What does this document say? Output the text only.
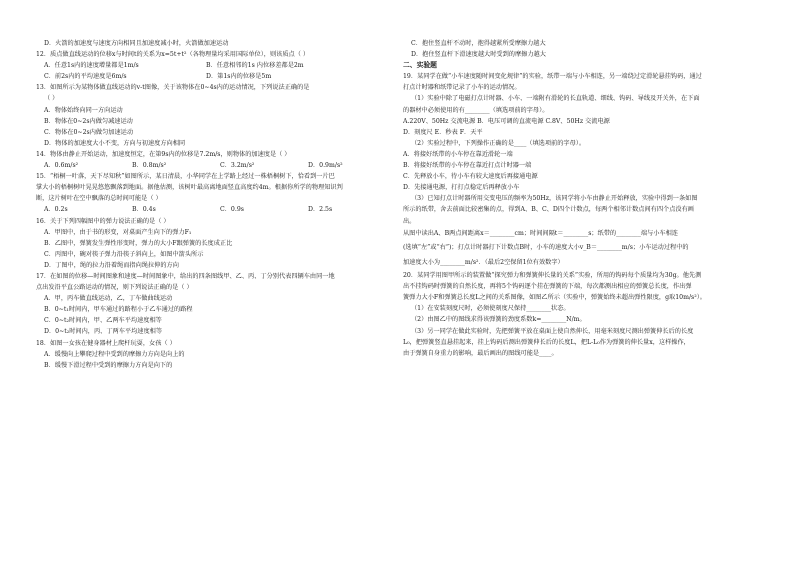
D．火箭的加速度与速度方向相同且加速度减小时，火箭做加速运动
12．质点做直线运动的位移x与时间t的关系为x=5t+t²（各物理量均采用国际单位），则该质点（ ）
A．任意1s内的速度增量都是1m/s	B．任意相邻的1s 内位移差都是2m
C．前2s内的平均速度是6m/s	D．第1s内的位移是5m
13．如图所示为某物体做直线运动的v-t图像，关于该物体在0~4s内的运动情况，下列说法正确的是
（ ）
A．物体始终向同一方向运动
B．物体在0~2s内做匀减速运动
C．物体在0~2s内做匀加速运动
D．物体的加速度大小不变，方向与初速度方向相同
14．物体由静止开始运动，加速度恒定，在第9s内的位移是7.2m/s，则物体的加速度是（ ）
A．0.6m/s²	B．0.8m/s²	C．3.2m/s²	D．0.9m/s²
15．“梧桐一叶落，天下尽知秋”如图所示，某日清晨，小华同学在上学路上经过一株梧桐树下，恰看到一片巴
掌大小的梧桐树叶晃晃悠悠飘落到地面。据他估测，该树叶最高离地面竖直高度约4m。根据你所学的物理知识判
断，这片树叶在空中飘落的总时间可能是（ ）
A．0.2s	B．0.4s	C．0.9s	D．2.5s
16．关于下列四幅图中的弹力说法正确的是（ ）
A．甲图中，由于书的形变，对桌面产生向下的弹力F₁
B．乙图中，弹簧发生弹性形变时，弹力的大小F跟弹簧的长度成正比
C．丙图中，碗对筷子弹力沿筷子斜向上，如图中箭头所示
D．丁图中，绳的拉力沿着绳而指向绳拉伸的方向
17．在如图的位移—时间图象和速度—时间图象中，给出的四条图线甲、乙、丙、丁分别代表四辆车由同一地
点出发沿平直公路运动的情况，则下列说法正确的是（ ）
A．甲，丙车做直线运动，乙，丁车做曲线运动
B．0~t₁时间内，甲车通过的路程小于乙车通过的路程
C．0~t₂时间内，甲、乙两车平均速度相等
D．0~t₂时间内，丙、丁两车平均速度相等
18．如图一女孩在健身器材上爬杆玩耍，女孩（ ）
A．缓慢向上攀爬过程中受到的摩擦力方向是向上的
B．缓慢下滑过程中受到的摩擦力方向是向下的
C．抱住竖直杆不动时，抱得越紧所受摩擦力越大
D．抱住竖直杆下滑速度越大时受到的摩擦力越大
二、实验题
19．某同学在做“小车速度随时间变化规律”的实验，纸带一端与小车相连，另一端绕过定滑轮悬挂钩码，通过
打点计时器和纸带记录了小车的运动情况。
（1）实验中除了电磁打点计时器、小车、一端附有滑轮的长直轨道、细线、钩码、导线及开关外，在下面
的器材中必须使用的有________（填选项前的字母）。
A.220V、50Hz 交流电源 B．电压可调的直流电源 C.8V、50Hz 交流电源
D．刻度尺 E．秒表 F．天平
（2）实验过程中，下列操作正确的是____（填选项前的字母）。
A．将接好纸带的小车停在靠近滑轮一端
B．将接好纸带的小车停在靠近打点计时器一端
C．先释放小车，待小车有较大速度后再接通电源
D．先接通电源，打打点稳定后再释放小车
（3）已知打点计时器所用交变电压的频率为50Hz，该同学将小车由静止开始释放，实验中得到一条如图
所示的纸带，舍去前面比较密集的点，得到A、B、C、D四个计数点，每两个相邻计数点间有四个点没有画
出。
从图中读出A、B两点间距离x＝________cm；时间间隔t＝________s；纸带的________端与小车相连
(选填“左”或“右”)；打点计时器打下计数点B时，小车的速度大小v_B＝________m/s；小车运动过程中的
加速度大小为________m/s²．（最后2空保留1位有效数字）
20．某同学用图甲所示的装置做“探究弹力和弹簧伸长量的关系”实验，所用的钩码每个质量均为30g。他先测
出不挂钩码时弹簧的自然长度，再将5个钩码逐个挂在弹簧的下端，每次都测出相应的弹簧总长度，作出弹
簧弹力大小F和弹簧总长度L之间的关系图像，如图乙所示（实验中，弹簧始终未超出弹性限度，g取10m/s²）。
（1）在安装刻度尺时，必须使刻度尺保持________状态。
（2）由图乙中的图线求得该弹簧的劲度系数k=________N/m。
（3）另一同学在做此实验时，先把弹簧平放在桌面上使自然伸长，用毫米刻度尺测出弹簧伸长后的长度
L₀，把弹簧竖直悬挂起来，挂上钩码后测出弹簧伸长后的长度L，把L-L₀作为弹簧的伸长量x，这样操作，
由于弹簧自身重力的影响，最后画出的图线可能是____。
